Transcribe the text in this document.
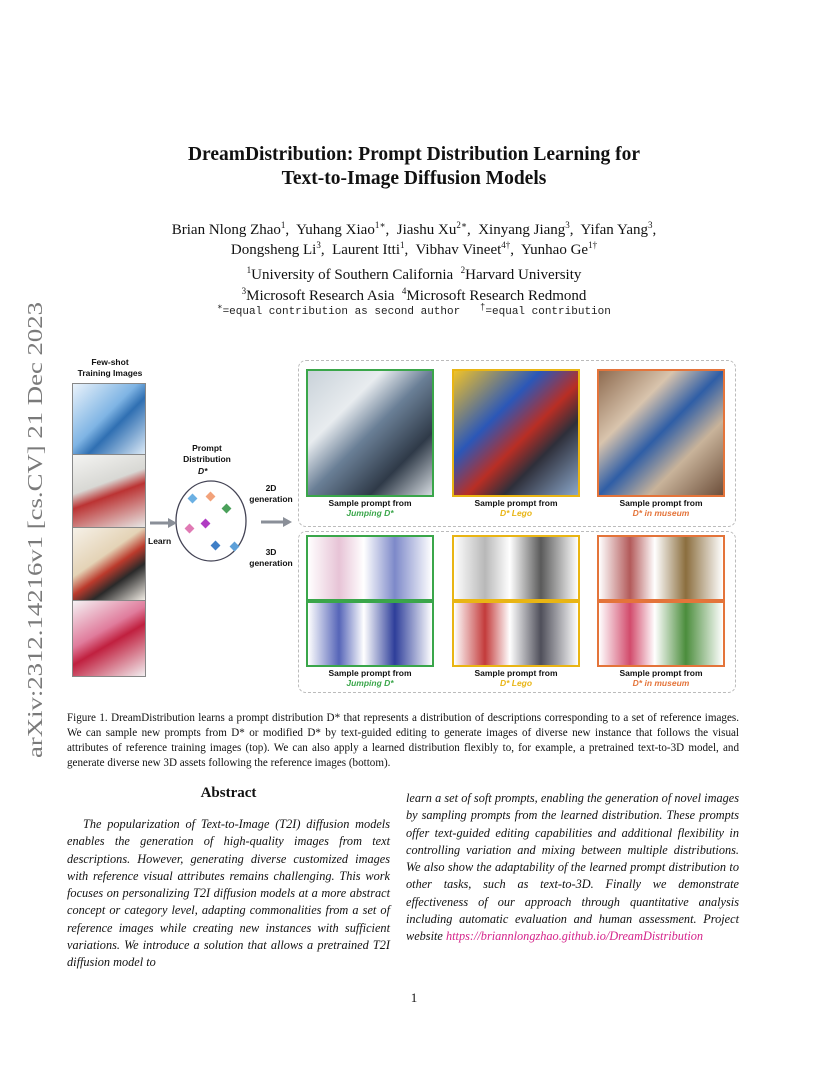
arXiv:2312.14216v1 [cs.CV] 21 Dec 2023
DreamDistribution: Prompt Distribution Learning for
Text-to-Image Diffusion Models
Brian Nlong Zhao$^1$,  Yuhang Xiao$^{1∗}$,  Jiashu $Xu^{2∗}$,  Xinyang Jiang$^3$,  Yifan Yang$^3$,
Dongsheng Li$^3$,  Laurent Itti$^1$,  Vibhav Vineet$^{4\dagger}$,  Yunhao $Ge^{1\dagger}$
$^1$University of Southern California $^2$Harvard University
$^3$Microsoft Research Asia $^4$Microsoft Research Redmond
∗=equal contribution as second author †=equal contribution
Few-shot
Training Images
Prompt
Distribution
D*
Learn
2D
generation
3D
generation
Sample prompt from
Jumping D*
Sample prompt from
D* Lego
Sample prompt from
D* in museum
Sample prompt from
Jumping D*
Sample prompt from
D* Lego
Sample prompt from
D* in museum
Figure 1. DreamDistribution learns a prompt distribution D* that represents a distribution of descriptions corresponding to a set of reference images. We can sample new prompts from D* or modified D* by text-guided editing to generate images of diverse new instance that follows the visual attributes of reference training images (top). We can also apply a learned distribution flexibly to, for example, a pretrained text-to-3D model, and generate diverse new 3D assets following the reference images (bottom).
Abstract

The popularization of Text-to-Image (T2I) diffusion models enables the generation of high-quality images from text descriptions. However, generating diverse customized images with reference visual attributes remains challenging. This work focuses on personalizing T2I diffusion models at a more abstract concept or category level, adapting commonalities from a set of reference images while creating new instances with sufficient variations. We introduce a solution that allows a pretrained T2I diffusion model to

learn a set of soft prompts, enabling the generation of novel images by sampling prompts from the learned distribution. These prompts offer text-guided editing capabilities and additional flexibility in controlling variation and mixing between multiple distributions. We also show the adaptability of the learned prompt distribution to other tasks, such as text-to-3D. Finally we demonstrate effectiveness of our approach through quantitative analysis including automatic evaluation and human assessment. Project website https://briannlongzhao.github.io/DreamDistribution

1
